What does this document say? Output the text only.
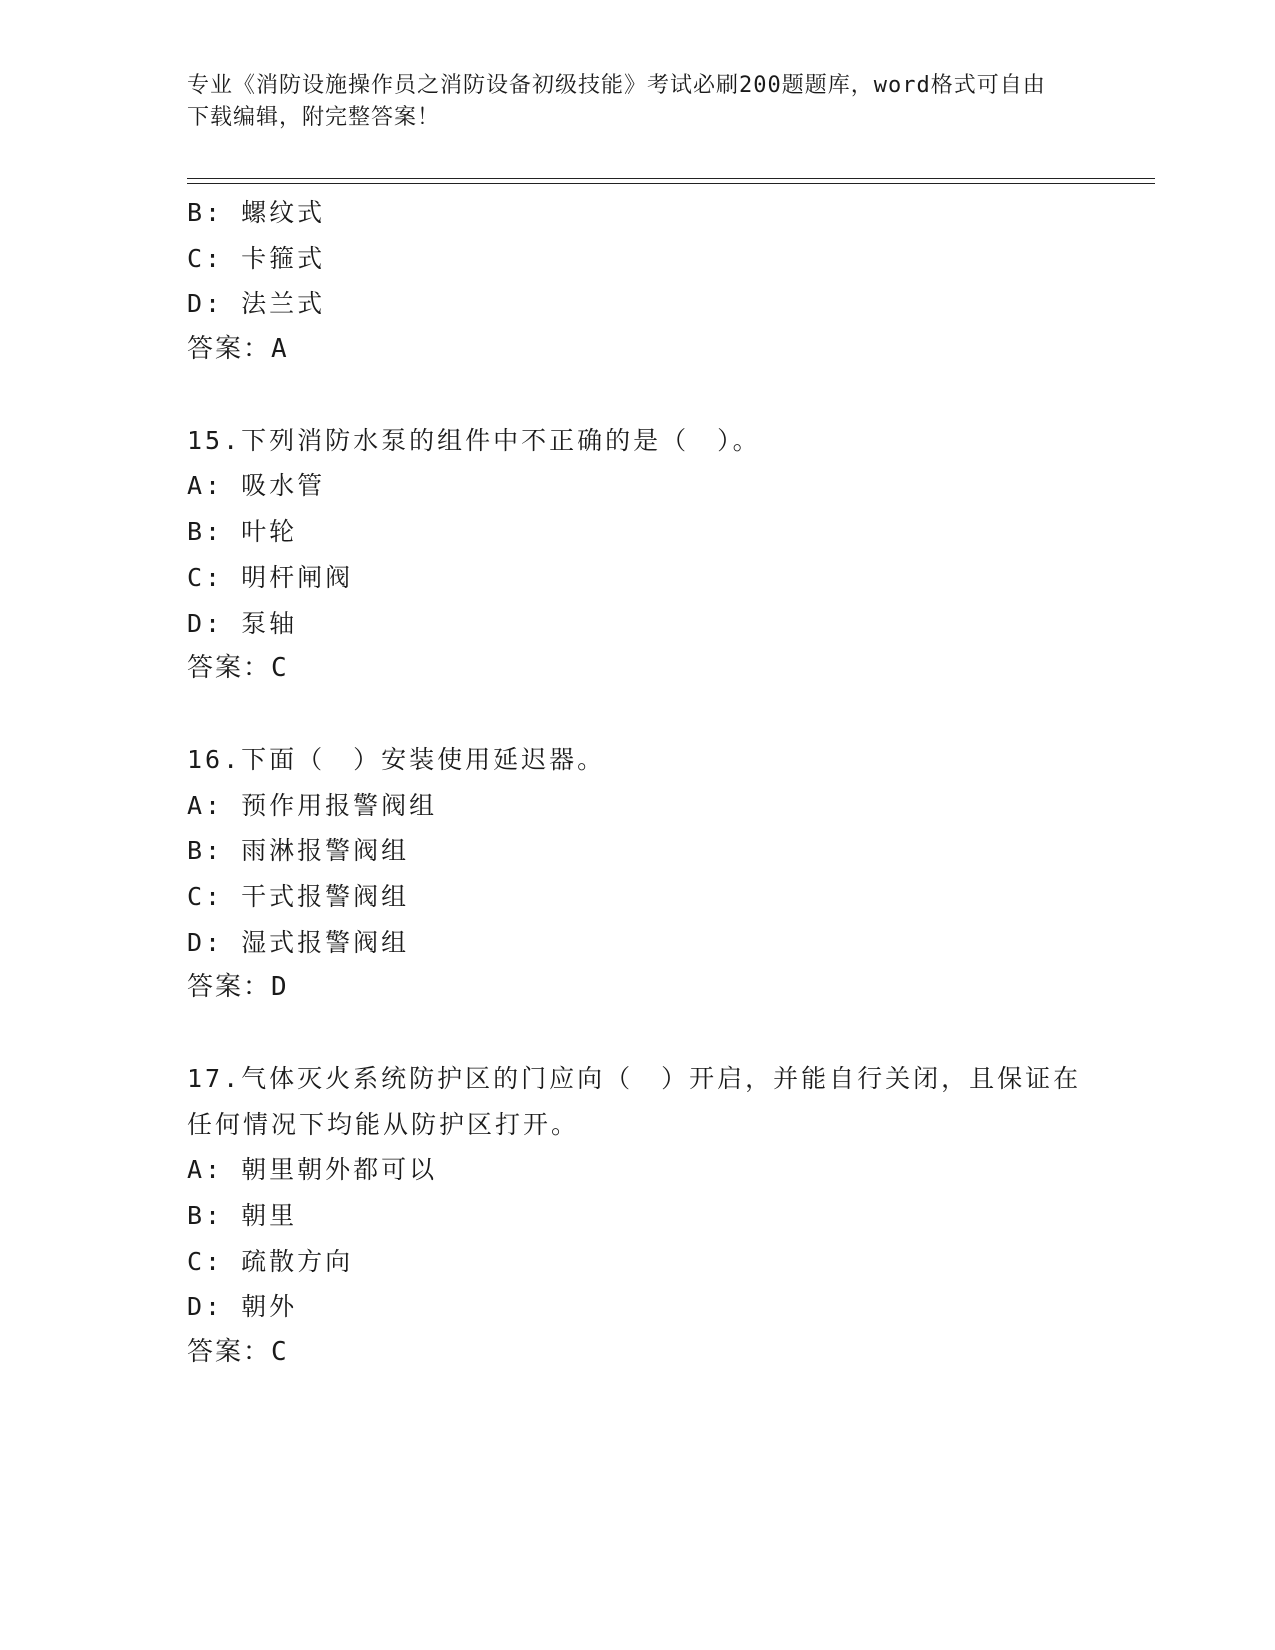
专业《消防设施操作员之消防设备初级技能》考试必刷200题题库，word格式可自由下载编辑，附完整答案！
B: 螺纹式
C: 卡箍式
D: 法兰式
答案：A
15.下列消防水泵的组件中不正确的是（　）。
A: 吸水管
B: 叶轮
C: 明杆闸阀
D: 泵轴
答案：C
16.下面（　）安装使用延迟器。
A: 预作用报警阀组
B: 雨淋报警阀组
C: 干式报警阀组
D: 湿式报警阀组
答案：D
17.气体灭火系统防护区的门应向（　）开启，并能自行关闭，且保证在任何情况下均能从防护区打开。
A: 朝里朝外都可以
B: 朝里
C: 疏散方向
D: 朝外
答案：C
